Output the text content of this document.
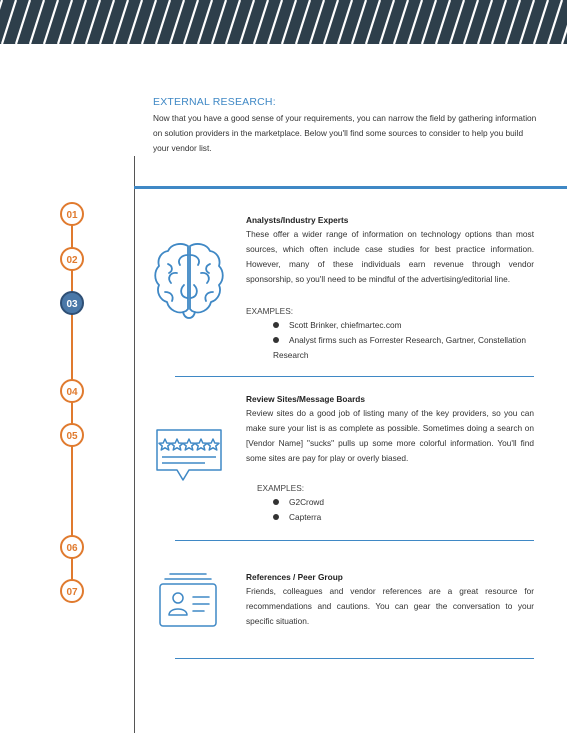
EXTERNAL RESEARCH:
Now that you have a good sense of your requirements, you can narrow the field by gathering information on solution providers in the marketplace. Below you'll find some sources to consider to help you build your vendor list.
01
02
03
04
05
06
07
Analysts/Industry Experts
These offer a wider range of information on technology options than most sources, which often include case studies for best practice information. However, many of these individuals earn revenue through vendor sponsorship, so you'll need to be mindful of the advertising/editorial line.
EXAMPLES:
Scott Brinker, chiefmartec.com
Analyst firms such as Forrester Research, Gartner, Constellation Research
Review Sites/Message Boards
Review sites do a good job of listing many of the key providers, so you can make sure your list is as complete as possible. Sometimes doing a search on [Vendor Name] "sucks" pulls up some more colorful information. You'll find some sites are pay for play or overly biased.
EXAMPLES:
G2Crowd
Capterra
References / Peer Group
Friends, colleagues and vendor references are a great resource for recommendations and cautions. You can gear the conversation to your specific situation.
